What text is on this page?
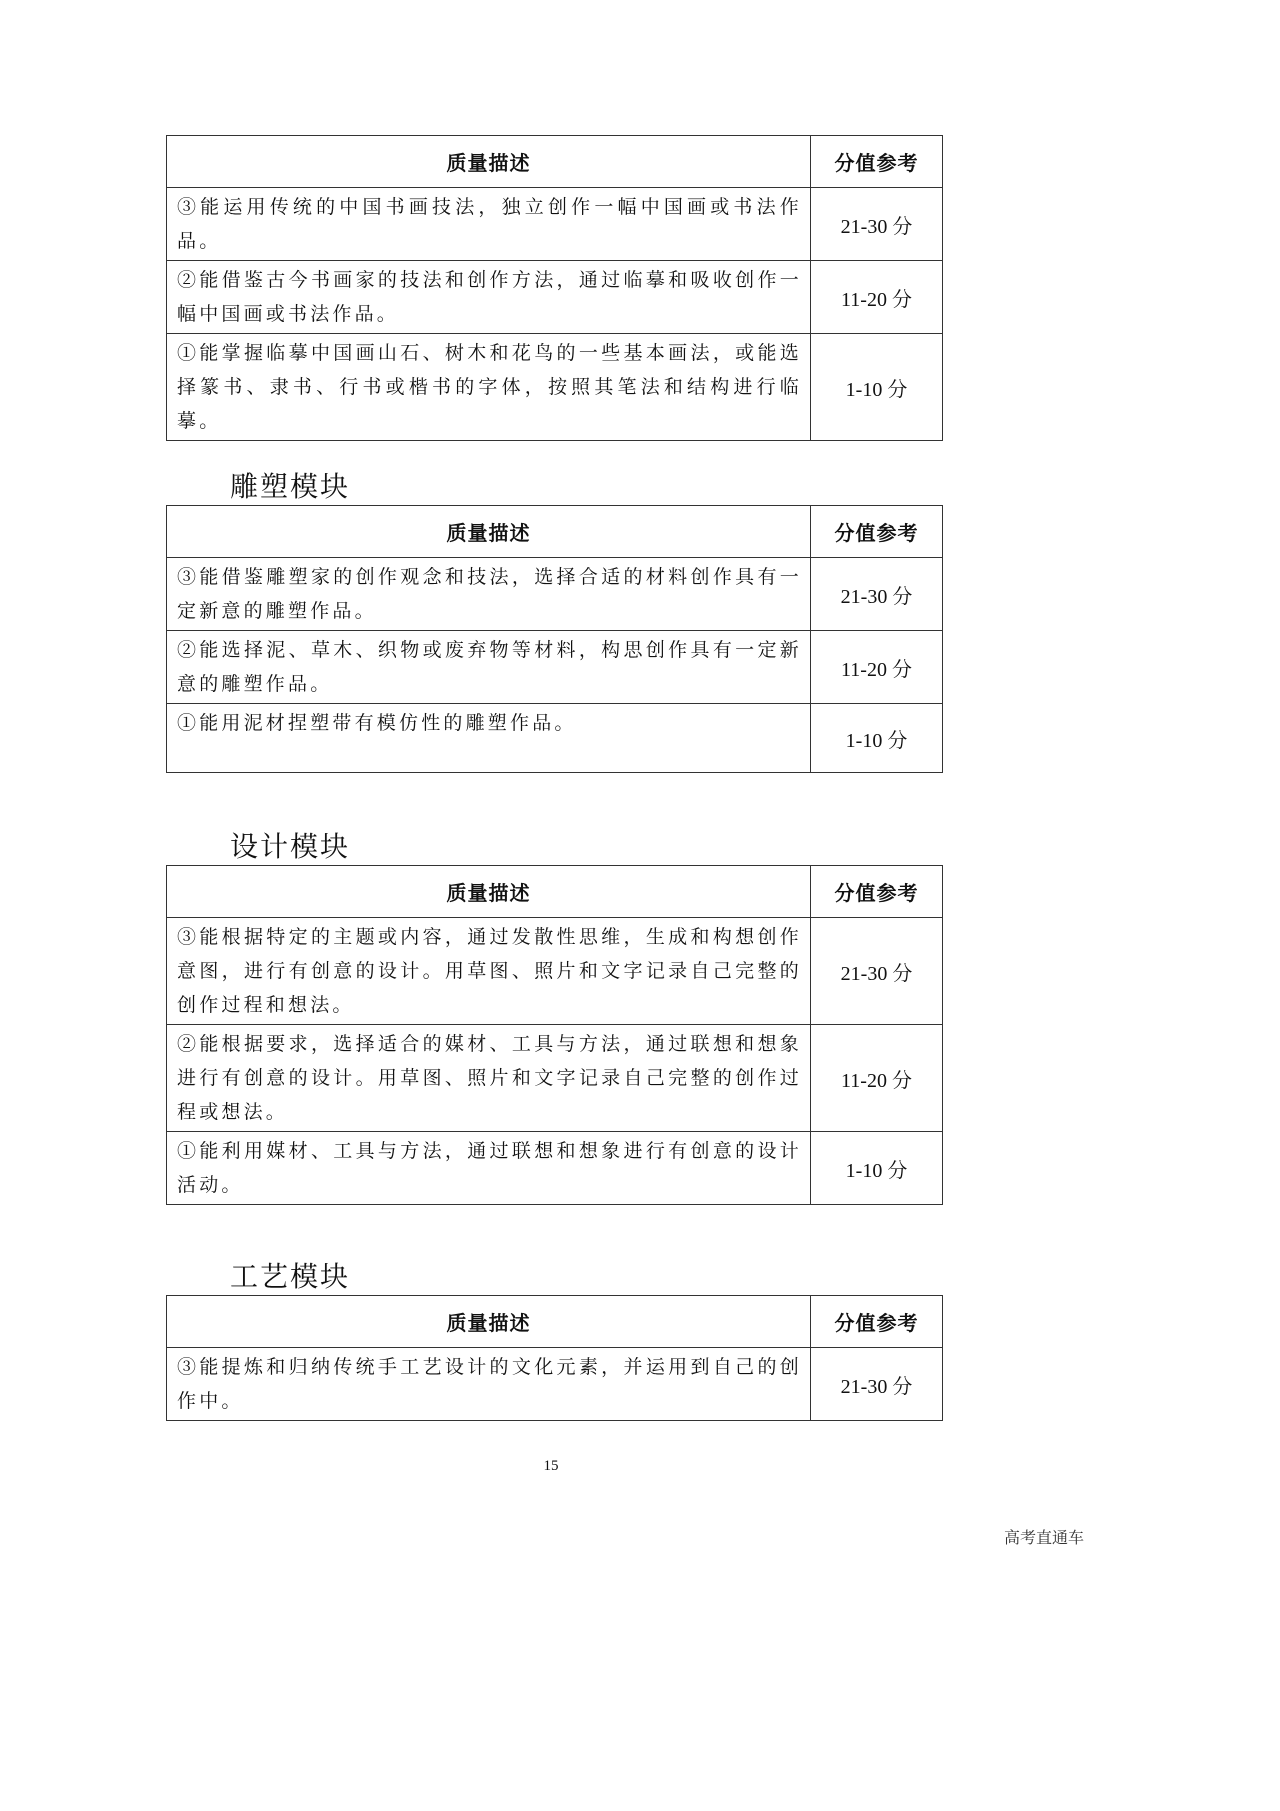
质量描述	分值参考
③能运用传统的中国书画技法，独立创作一幅中国画或书法作品。	21-30 分
②能借鉴古今书画家的技法和创作方法，通过临摹和吸收创作一幅中国画或书法作品。	11-20 分
①能掌握临摹中国画山石、树木和花鸟的一些基本画法，或能选择篆书、隶书、行书或楷书的字体，按照其笔法和结构进行临摹。	1-10 分
雕塑模块
质量描述	分值参考
③能借鉴雕塑家的创作观念和技法，选择合适的材料创作具有一定新意的雕塑作品。	21-30 分
②能选择泥、草木、织物或废弃物等材料，构思创作具有一定新意的雕塑作品。	11-20 分
①能用泥材捏塑带有模仿性的雕塑作品。	1-10 分
设计模块
质量描述	分值参考
③能根据特定的主题或内容，通过发散性思维，生成和构想创作意图，进行有创意的设计。用草图、照片和文字记录自己完整的创作过程和想法。	21-30 分
②能根据要求，选择适合的媒材、工具与方法，通过联想和想象进行有创意的设计。用草图、照片和文字记录自己完整的创作过程或想法。	11-20 分
①能利用媒材、工具与方法，通过联想和想象进行有创意的设计活动。	1-10 分
工艺模块
质量描述	分值参考
③能提炼和归纳传统手工艺设计的文化元素，并运用到自己的创作中。	21-30 分
15
高考直通车
